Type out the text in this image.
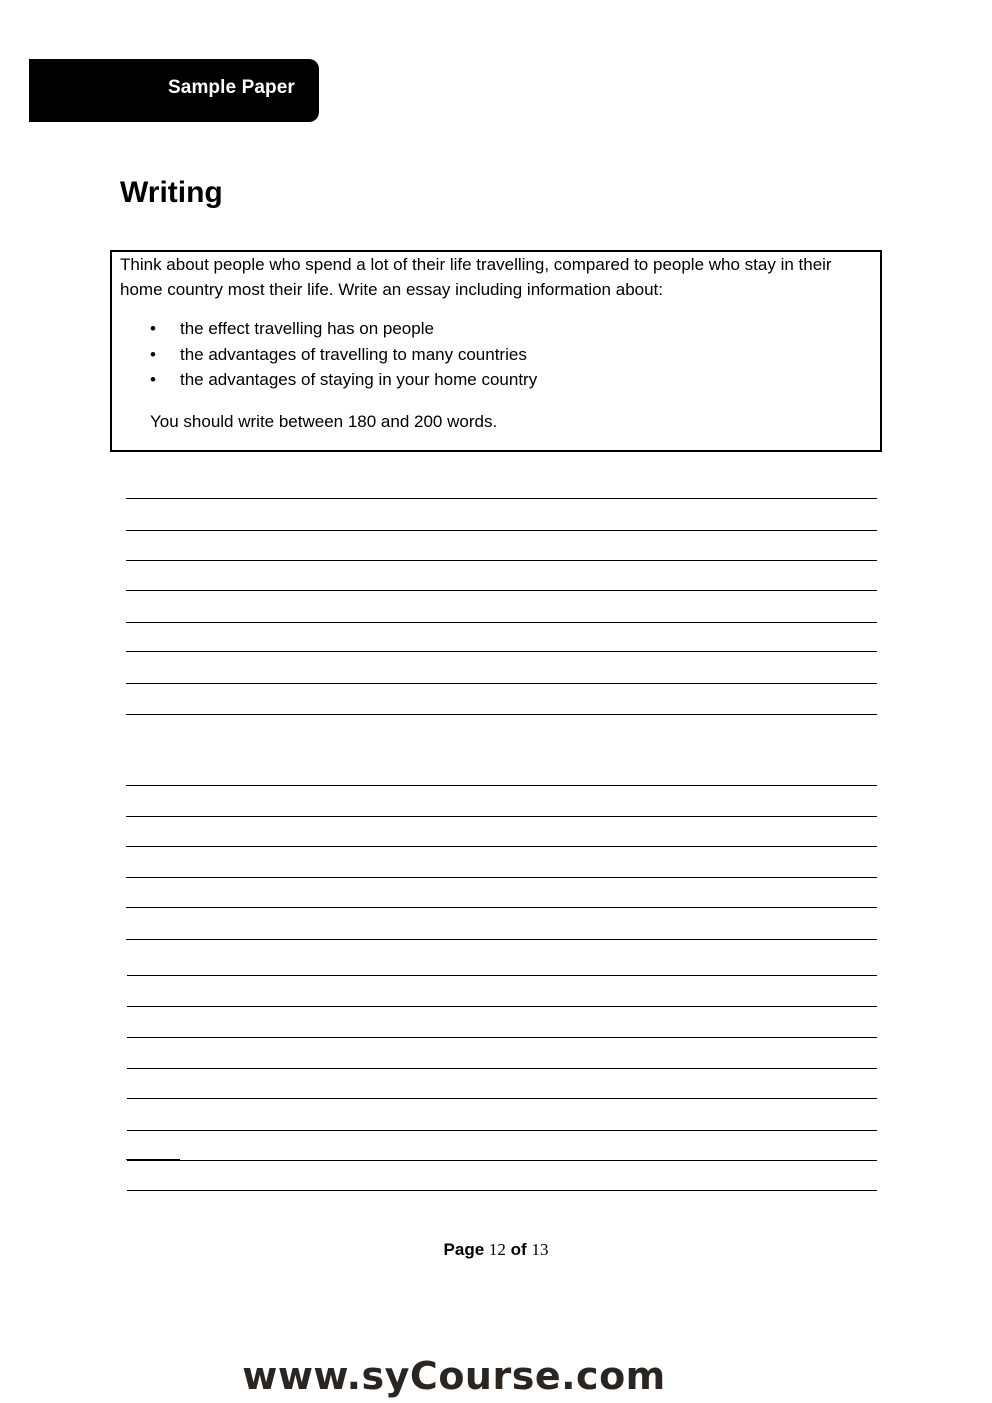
Sample Paper
Writing

Think about people who spend a lot of their life travelling, compared to people who stay in their home country most their life. Write an essay including information about:

• the effect travelling has on people
• the advantages of travelling to many countries
• the advantages of staying in your home country

You should write between 180 and 200 words.

Page 12 of 13
www.syCourse.com
